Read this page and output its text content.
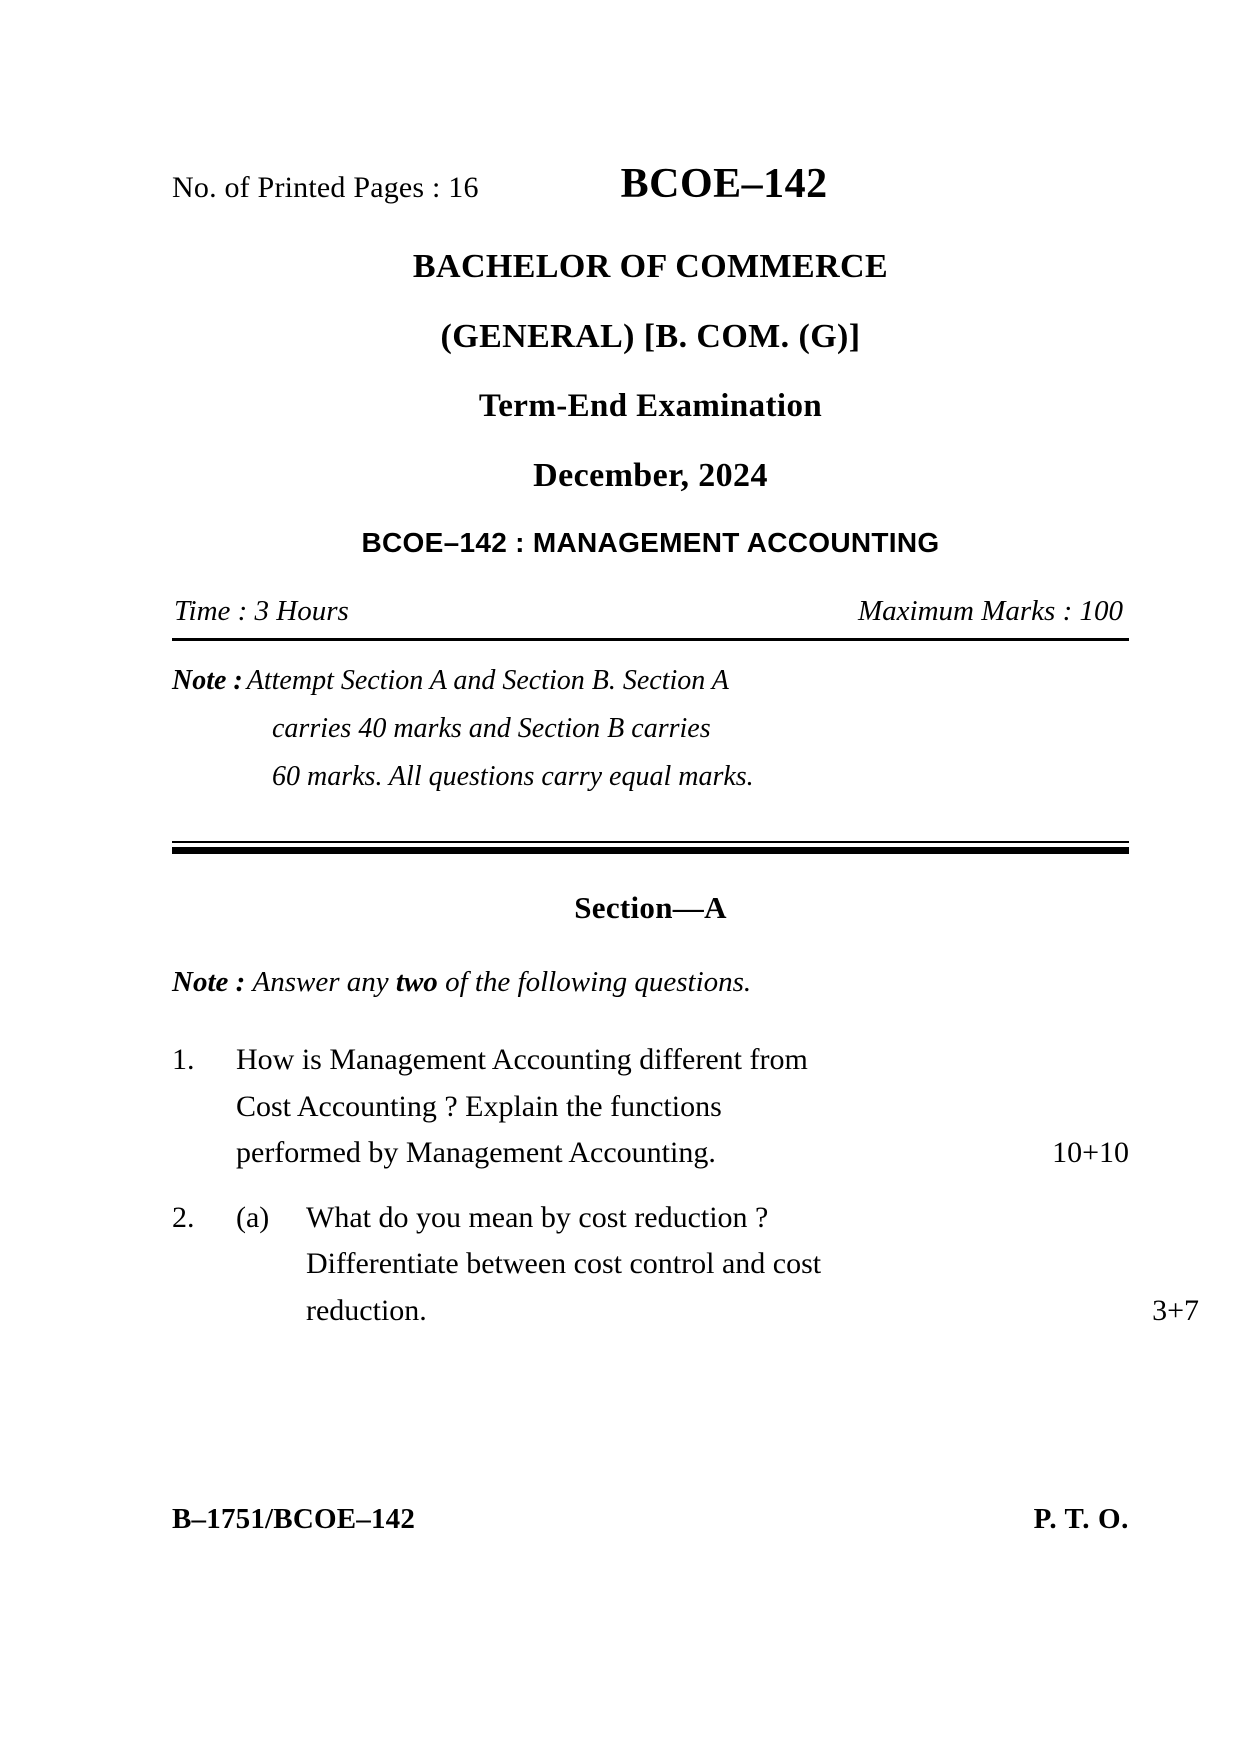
No. of Printed Pages : 16	BCOE–142
BACHELOR OF COMMERCE
(GENERAL) [B. COM. (G)]
Term-End Examination
December, 2024
BCOE–142 : MANAGEMENT ACCOUNTING
Time : 3 Hours	Maximum Marks : 100
Note : Attempt Section A and Section B. Section A
carries 40 marks and Section B carries
60 marks. All questions carry equal marks.
Section—A
Note : Answer any two of the following questions.
1.	How is Management Accounting different from
Cost Accounting ? Explain the functions
performed by Management Accounting.	10+10
2.	(a)	What do you mean by cost reduction ?
Differentiate between cost control and cost
reduction.	3+7
B–1751/BCOE–142	P. T. O.
